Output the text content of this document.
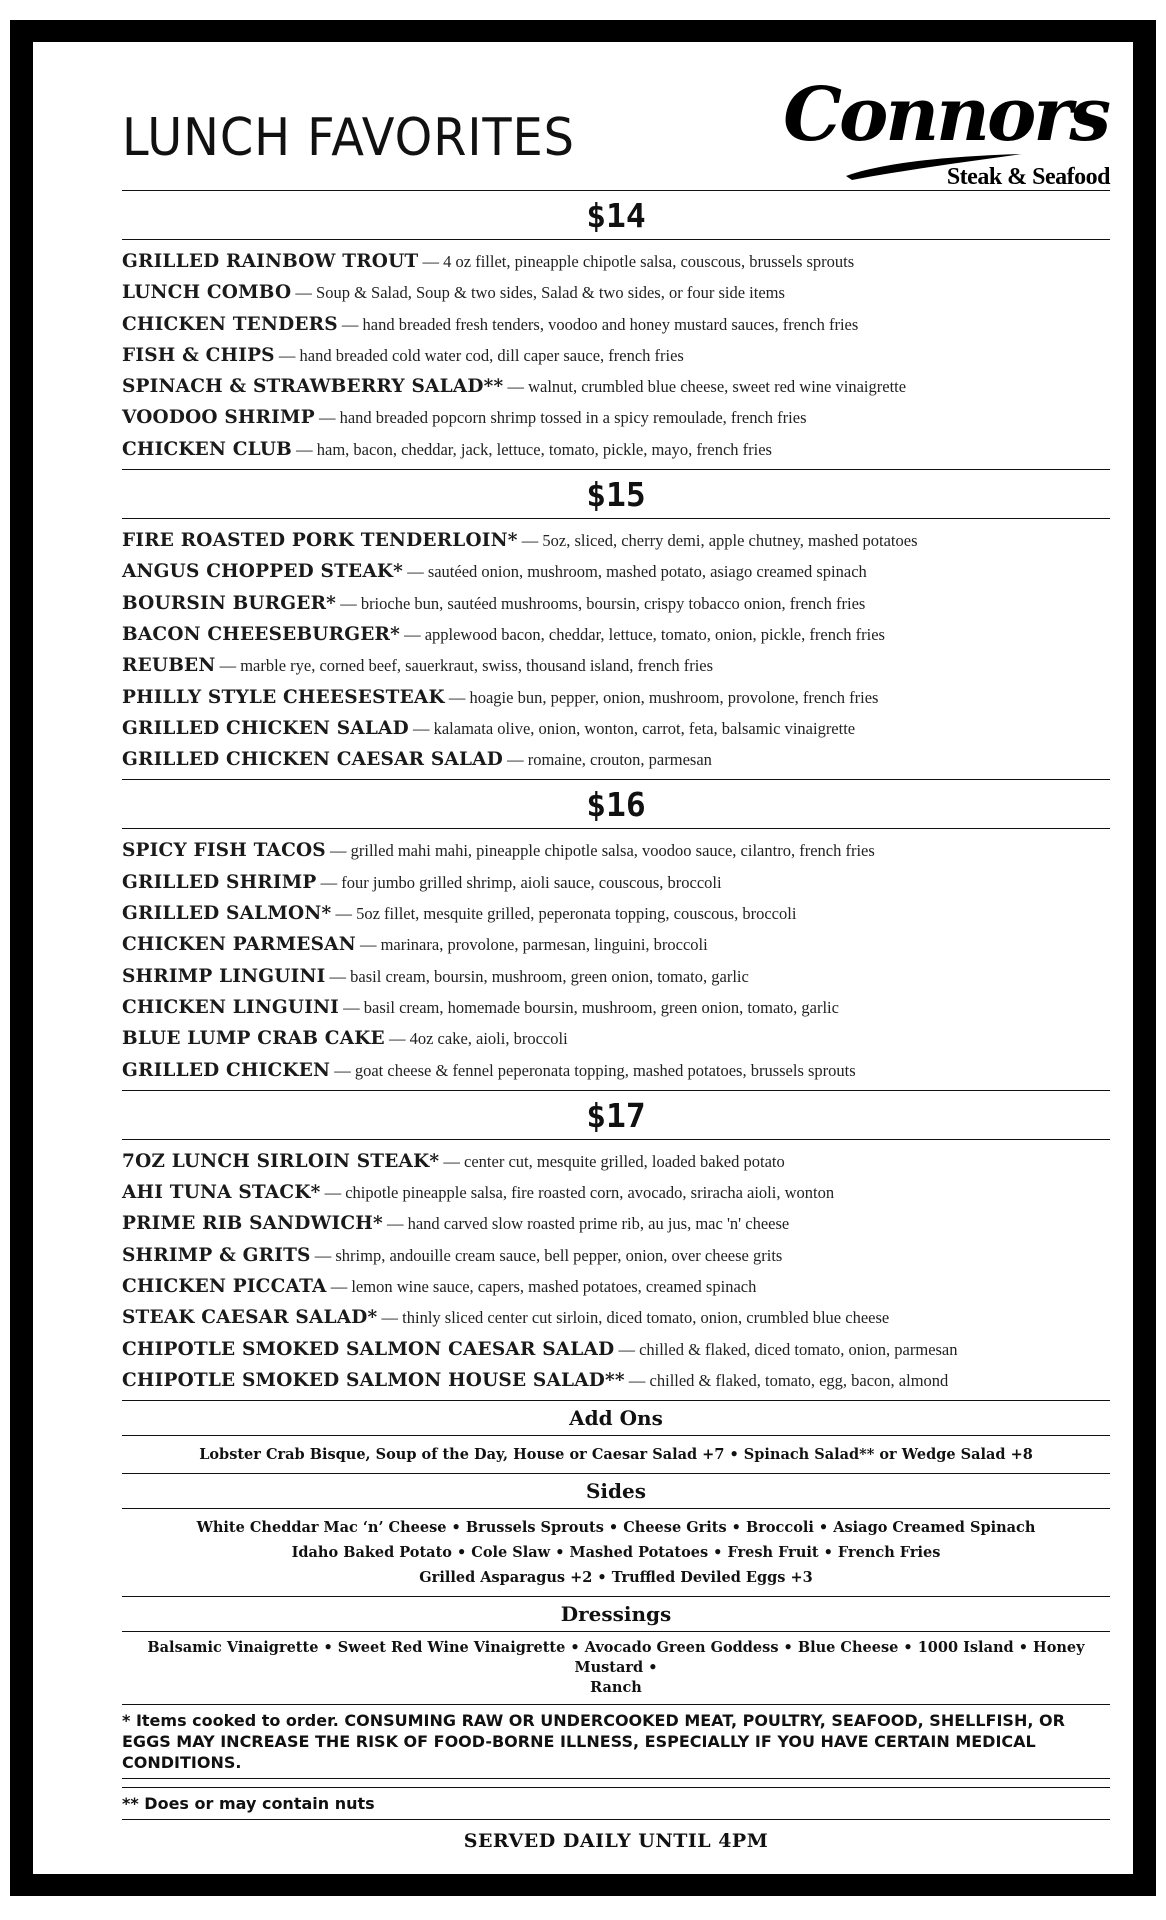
LUNCH FAVORITES	Connors
Steak & Seafood
$14
GRILLED RAINBOW TROUT — 4 oz fillet, pineapple chipotle salsa, couscous, brussels sprouts
LUNCH COMBO — Soup & Salad, Soup & two sides, Salad & two sides, or four side items
CHICKEN TENDERS — hand breaded fresh tenders, voodoo and honey mustard sauces, french fries
FISH & CHIPS — hand breaded cold water cod, dill caper sauce, french fries
SPINACH & STRAWBERRY SALAD** — walnut, crumbled blue cheese, sweet red wine vinaigrette
VOODOO SHRIMP — hand breaded popcorn shrimp tossed in a spicy remoulade, french fries
CHICKEN CLUB — ham, bacon, cheddar, jack, lettuce, tomato, pickle, mayo, french fries
$15
FIRE ROASTED PORK TENDERLOIN* — 5oz, sliced, cherry demi, apple chutney, mashed potatoes
ANGUS CHOPPED STEAK* — sautéed onion, mushroom, mashed potato, asiago creamed spinach
BOURSIN BURGER* — brioche bun, sautéed mushrooms, boursin, crispy tobacco onion, french fries
BACON CHEESEBURGER* — applewood bacon, cheddar, lettuce, tomato, onion, pickle, french fries
REUBEN — marble rye, corned beef, sauerkraut, swiss, thousand island, french fries
PHILLY STYLE CHEESESTEAK — hoagie bun, pepper, onion, mushroom, provolone, french fries
GRILLED CHICKEN SALAD — kalamata olive, onion, wonton, carrot, feta, balsamic vinaigrette
GRILLED CHICKEN CAESAR SALAD — romaine, crouton, parmesan
$16
SPICY FISH TACOS — grilled mahi mahi, pineapple chipotle salsa, voodoo sauce, cilantro, french fries
GRILLED SHRIMP — four jumbo grilled shrimp, aioli sauce, couscous, broccoli
GRILLED SALMON* — 5oz fillet, mesquite grilled, peperonata topping, couscous, broccoli
CHICKEN PARMESAN — marinara, provolone, parmesan, linguini, broccoli
SHRIMP LINGUINI — basil cream, boursin, mushroom, green onion, tomato, garlic
CHICKEN LINGUINI — basil cream, homemade boursin, mushroom, green onion, tomato, garlic
BLUE LUMP CRAB CAKE — 4oz cake, aioli, broccoli
GRILLED CHICKEN — goat cheese & fennel peperonata topping, mashed potatoes, brussels sprouts
$17
7OZ LUNCH SIRLOIN STEAK* — center cut, mesquite grilled, loaded baked potato
AHI TUNA STACK* — chipotle pineapple salsa, fire roasted corn, avocado, sriracha aioli, wonton
PRIME RIB SANDWICH* — hand carved slow roasted prime rib, au jus, mac 'n' cheese
SHRIMP & GRITS — shrimp, andouille cream sauce, bell pepper, onion, over cheese grits
CHICKEN PICCATA — lemon wine sauce, capers, mashed potatoes, creamed spinach
STEAK CAESAR SALAD* — thinly sliced center cut sirloin, diced tomato, onion, crumbled blue cheese
CHIPOTLE SMOKED SALMON CAESAR SALAD — chilled & flaked, diced tomato, onion, parmesan
CHIPOTLE SMOKED SALMON HOUSE SALAD** — chilled & flaked, tomato, egg, bacon, almond
Add Ons
Lobster Crab Bisque, Soup of the Day, House or Caesar Salad +7 • Spinach Salad** or Wedge Salad +8
Sides
White Cheddar Mac ‘n’ Cheese • Brussels Sprouts • Cheese Grits • Broccoli • Asiago Creamed Spinach
Idaho Baked Potato • Cole Slaw • Mashed Potatoes • Fresh Fruit • French Fries
Grilled Asparagus +2 • Truffled Deviled Eggs +3
Dressings
Balsamic Vinaigrette • Sweet Red Wine Vinaigrette • Avocado Green Goddess • Blue Cheese • 1000 Island • Honey Mustard •
Ranch
* Items cooked to order. CONSUMING RAW OR UNDERCOOKED MEAT, POULTRY, SEAFOOD, SHELLFISH, OR EGGS MAY INCREASE THE RISK OF FOOD-BORNE ILLNESS, ESPECIALLY IF YOU HAVE CERTAIN MEDICAL CONDITIONS.
** Does or may contain nuts
SERVED DAILY UNTIL 4PM
